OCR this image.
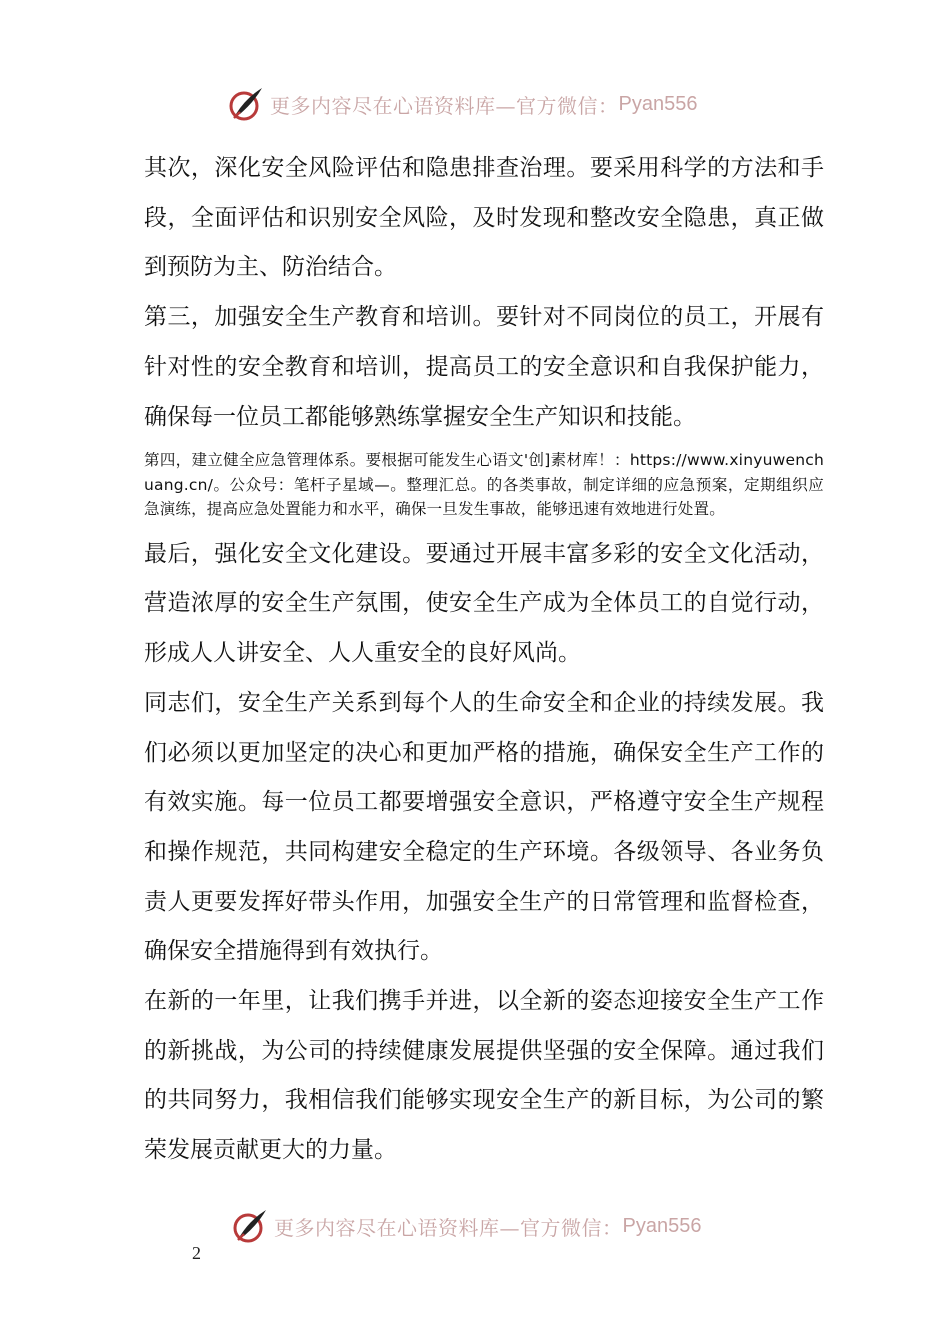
更多内容尽在心语资料库—官方微信： Pyan556

其次，深化安全风险评估和隐患排查治理。要采用科学的方法和手段，全面评估和识别安全风险，及时发现和整改安全隐患，真正做到预防为主、防治结合。

第三，加强安全生产教育和培训。要针对不同岗位的员工，开展有针对性的安全教育和培训，提高员工的安全意识和自我保护能力，确保每一位员工都能够熟练掌握安全生产知识和技能。

第四，建立健全应急管理体系。要根据可能发生心语文'创]素材库！：https://www.xinyuwenchuang.cn/。公众号：笔杆子星域—。整理汇总。的各类事故，制定详细的应急预案，定期组织应急演练，提高应急处置能力和水平，确保一旦发生事故，能够迅速有效地进行处置。

最后，强化安全文化建设。要通过开展丰富多彩的安全文化活动，营造浓厚的安全生产氛围，使安全生产成为全体员工的自觉行动，形成人人讲安全、人人重安全的良好风尚。

同志们，安全生产关系到每个人的生命安全和企业的持续发展。我们必须以更加坚定的决心和更加严格的措施，确保安全生产工作的有效实施。每一位员工都要增强安全意识，严格遵守安全生产规程和操作规范，共同构建安全稳定的生产环境。各级领导、各业务负责人更要发挥好带头作用，加强安全生产的日常管理和监督检查，确保安全措施得到有效执行。

在新的一年里，让我们携手并进，以全新的姿态迎接安全生产工作的新挑战，为公司的持续健康发展提供坚强的安全保障。通过我们的共同努力，我相信我们能够实现安全生产的新目标，为公司的繁荣发展贡献更大的力量。

更多内容尽在心语资料库—官方微信： Pyan556
2
